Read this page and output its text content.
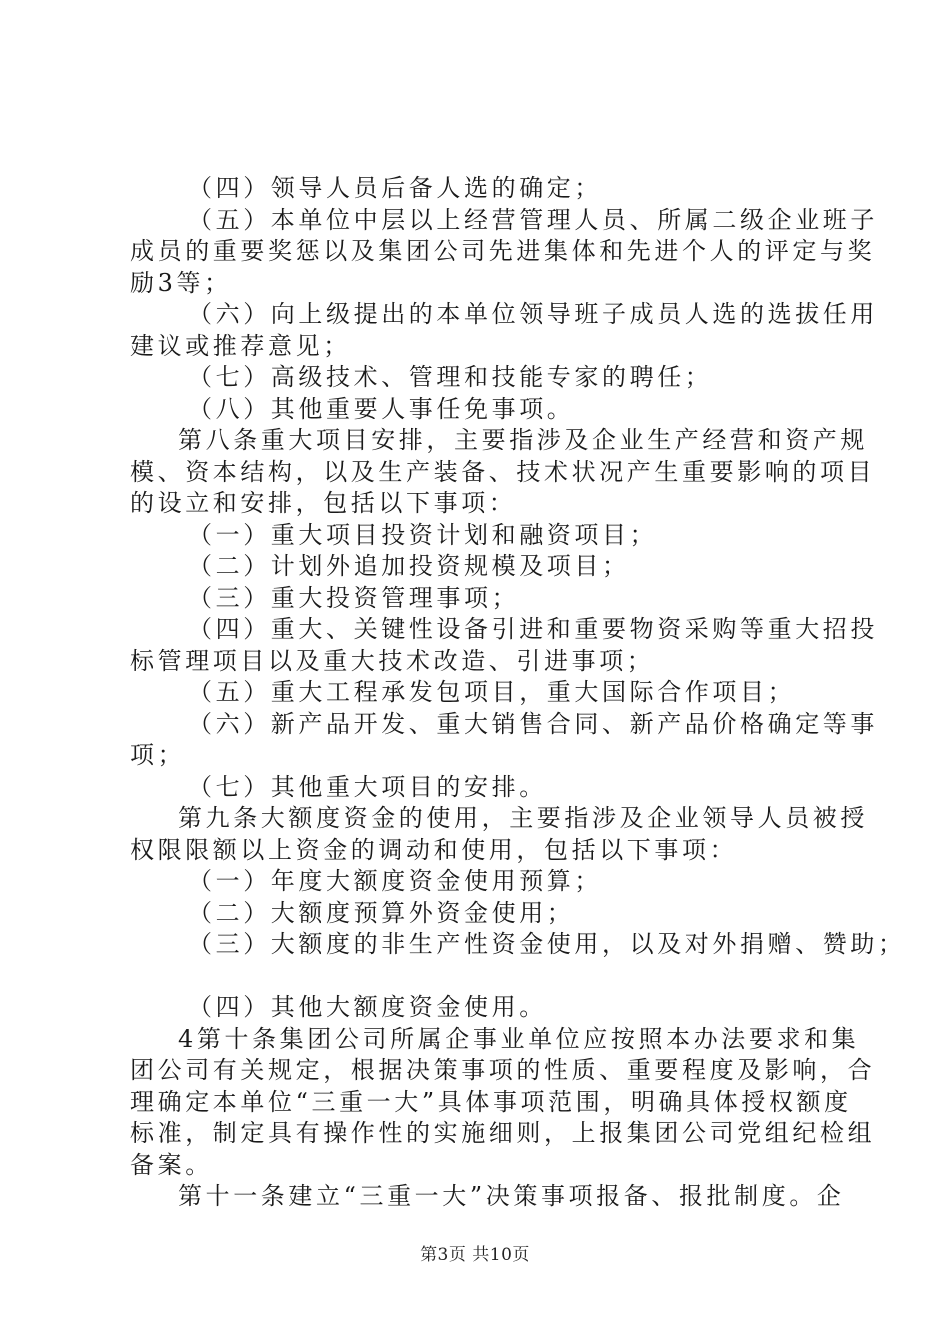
（四）领导人员后备人选的确定；
（五）本单位中层以上经营管理人员、所属二级企业班子
成员的重要奖惩以及集团公司先进集体和先进个人的评定与奖
励3等；
（六）向上级提出的本单位领导班子成员人选的选拔任用
建议或推荐意见；
（七）高级技术、管理和技能专家的聘任；
（八）其他重要人事任免事项。
第八条重大项目安排，主要指涉及企业生产经营和资产规
模、资本结构，以及生产装备、技术状况产生重要影响的项目
的设立和安排，包括以下事项：
（一）重大项目投资计划和融资项目；
（二）计划外追加投资规模及项目；
（三）重大投资管理事项；
（四）重大、关键性设备引进和重要物资采购等重大招投
标管理项目以及重大技术改造、引进事项；
（五）重大工程承发包项目，重大国际合作项目；
（六）新产品开发、重大销售合同、新产品价格确定等事
项；
（七）其他重大项目的安排。
第九条大额度资金的使用，主要指涉及企业领导人员被授
权限限额以上资金的调动和使用，包括以下事项：
（一）年度大额度资金使用预算；
（二）大额度预算外资金使用；
（三）大额度的非生产性资金使用，以及对外捐赠、赞助；
（四）其他大额度资金使用。
4第十条集团公司所属企事业单位应按照本办法要求和集
团公司有关规定，根据决策事项的性质、重要程度及影响，合
理确定本单位“三重一大”具体事项范围，明确具体授权额度
标准，制定具有操作性的实施细则，上报集团公司党组纪检组
备案。
第十一条建立“三重一大”决策事项报备、报批制度。企
第3页 共10页
